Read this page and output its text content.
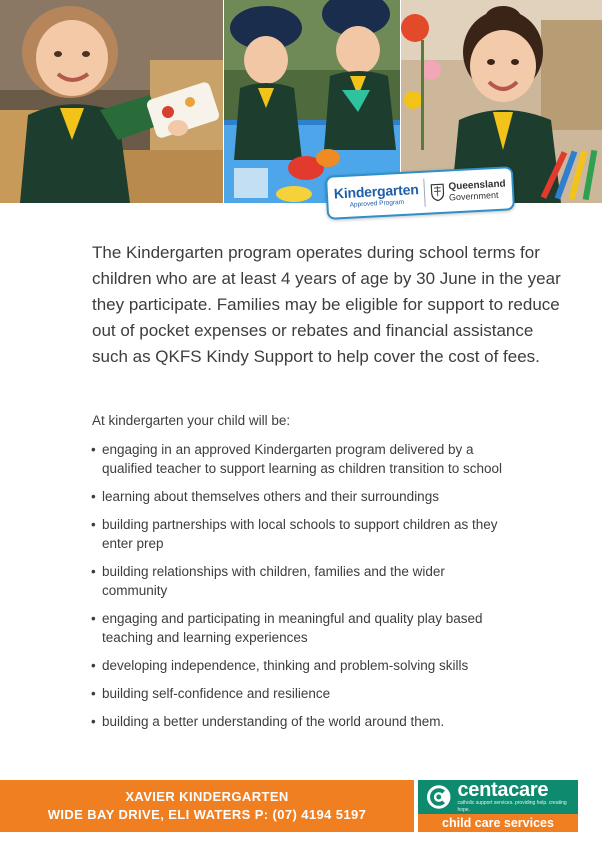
Kindergarten
Approved Program
Queensland
Government

The Kindergarten program operates during school terms for children who are at least 4 years of age by 30 June in the year they participate. Families may be eligible for support to reduce out of pocket expenses or rebates and financial assistance such as QKFS Kindy Support to help cover the cost of fees.

At kindergarten your child will be:

• engaging in an approved Kindergarten program delivered by a qualified teacher to support learning as children transition to school
• learning about themselves others and their surroundings
• building partnerships with local schools to support children as they enter prep
• building relationships with children, families and the wider community
• engaging and participating in meaningful and quality play based teaching and learning experiences
• developing independence, thinking and problem-solving skills
• building self-confidence and resilience
• building a better understanding of the world around them.
XAVIER KINDERGARTEN
WIDE BAY DRIVE, ELI WATERS P: (07) 4194 5197
centacare
catholic support services. providing help. creating hope.
child care services
